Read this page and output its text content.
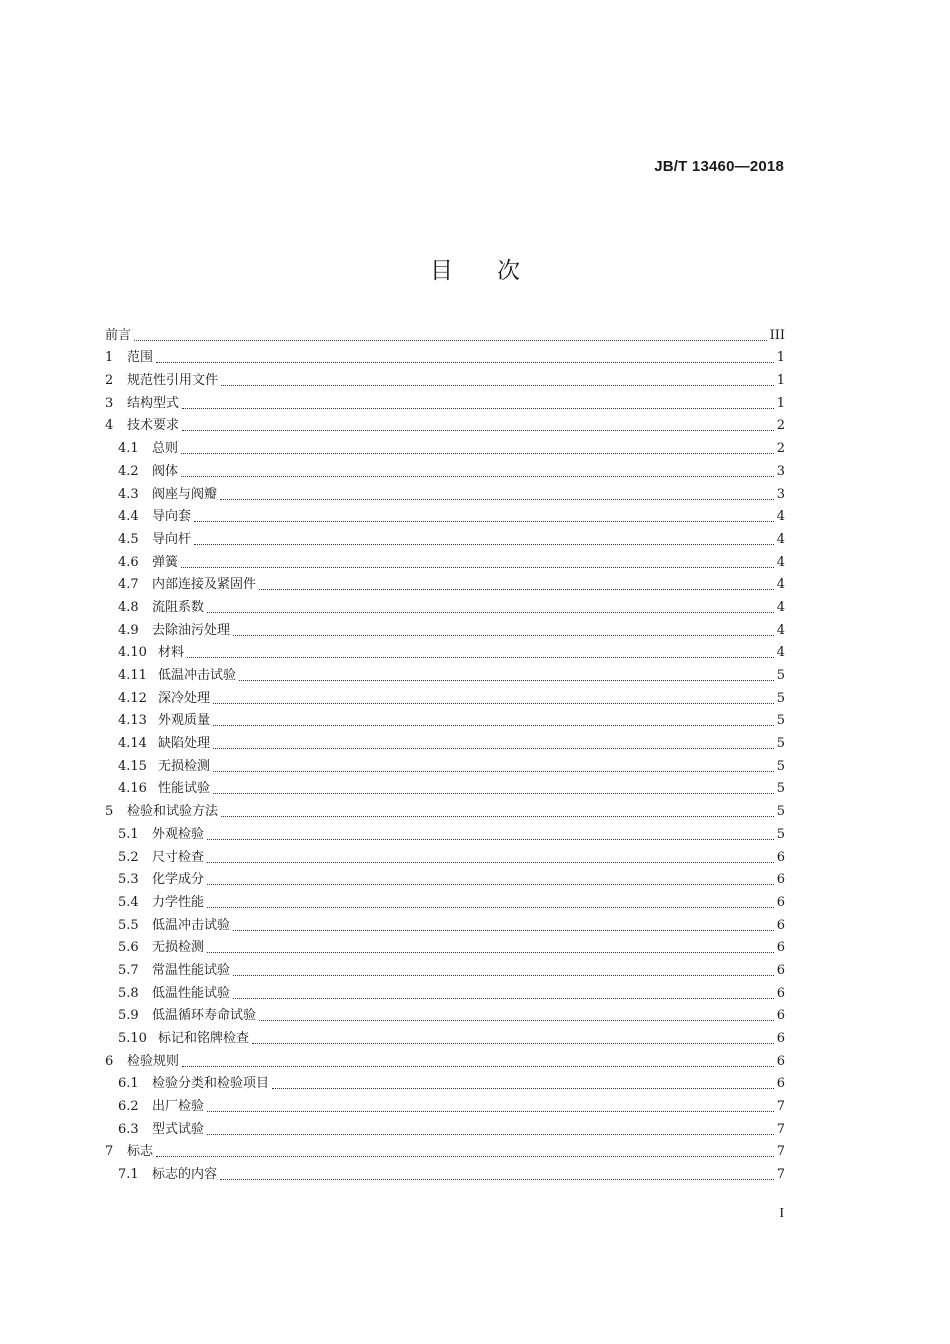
JB/T 13460—2018
目次
前言	III
1	范围	1
2	规范性引用文件	1
3	结构型式	1
4	技术要求	2
4.1	总则	2
4.2	阀体	3
4.3	阀座与阀瓣	3
4.4	导向套	4
4.5	导向杆	4
4.6	弹簧	4
4.7	内部连接及紧固件	4
4.8	流阻系数	4
4.9	去除油污处理	4
4.10 材料	4
4.11 低温冲击试验	5
4.12 深冷处理	5
4.13 外观质量	5
4.14 缺陷处理	5
4.15 无损检测	5
4.16 性能试验	5
5	检验和试验方法	5
5.1	外观检验	5
5.2	尺寸检查	6
5.3	化学成分	6
5.4	力学性能	6
5.5	低温冲击试验	6
5.6	无损检测	6
5.7	常温性能试验	6
5.8	低温性能试验	6
5.9	低温循环寿命试验	6
5.10 标记和铭牌检查	6
6	检验规则	6
6.1	检验分类和检验项目	6
6.2	出厂检验	7
6.3	型式试验	7
7	标志	7
7.1	标志的内容	7
I
